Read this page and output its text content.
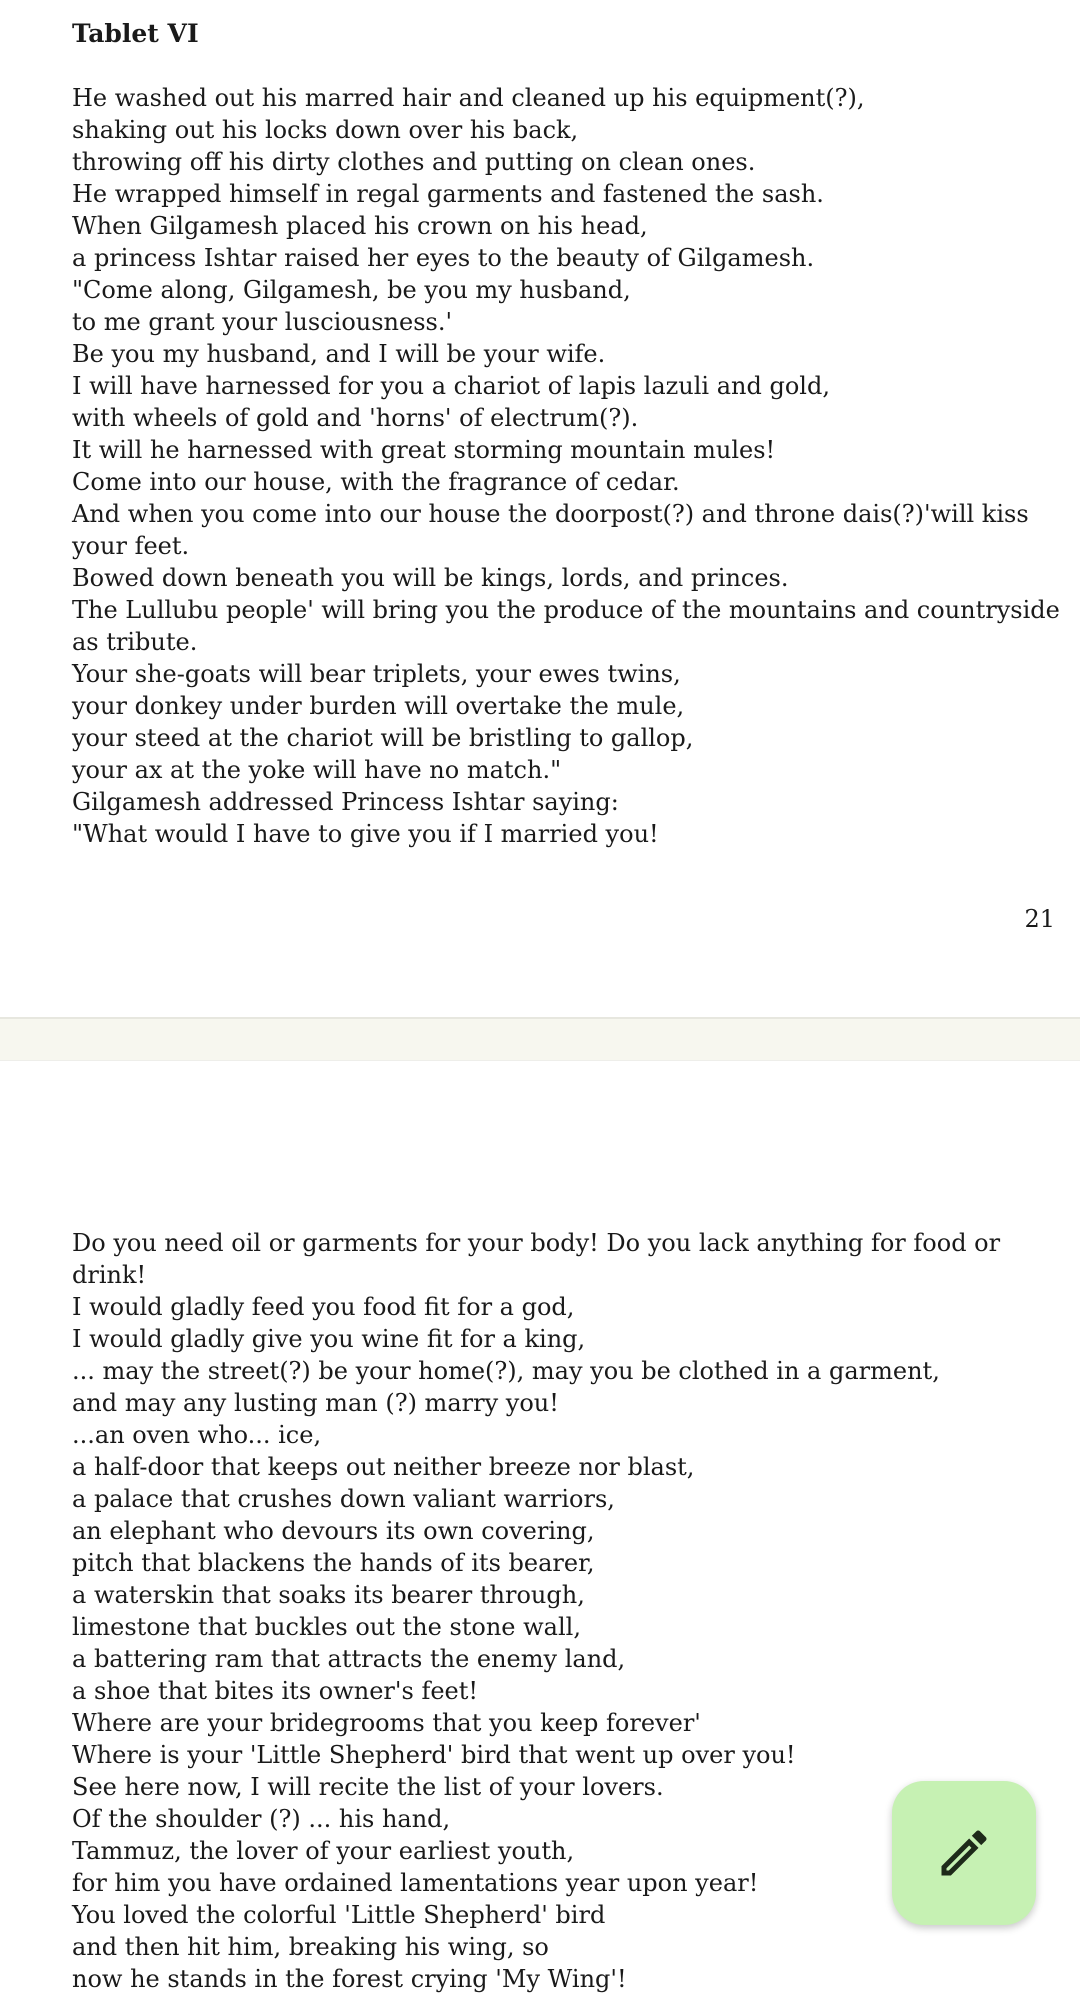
Tablet VI
He washed out his marred hair and cleaned up his equipment(?),
shaking out his locks down over his back,
throwing off his dirty clothes and putting on clean ones.
He wrapped himself in regal garments and fastened the sash.
When Gilgamesh placed his crown on his head,
a princess Ishtar raised her eyes to the beauty of Gilgamesh.
"Come along, Gilgamesh, be you my husband,
to me grant your lusciousness.'
Be you my husband, and I will be your wife.
I will have harnessed for you a chariot of lapis lazuli and gold,
with wheels of gold and 'horns' of electrum(?).
It will he harnessed with great storming mountain mules!
Come into our house, with the fragrance of cedar.
And when you come into our house the doorpost(?) and throne dais(?)'will kiss your feet.
Bowed down beneath you will be kings, lords, and princes.
The Lullubu people' will bring you the produce of the mountains and countryside as tribute.
Your she-goats will bear triplets, your ewes twins,
your donkey under burden will overtake the mule,
your steed at the chariot will be bristling to gallop,
your ax at the yoke will have no match."
Gilgamesh addressed Princess Ishtar saying:
"What would I have to give you if I married you!
21
Do you need oil or garments for your body! Do you lack anything for food or drink!
I would gladly feed you food fit for a god,
I would gladly give you wine fit for a king,
... may the street(?) be your home(?), may you be clothed in a garment,
and may any lusting man (?) marry you!
...an oven who... ice,
a half-door that keeps out neither breeze nor blast,
a palace that crushes down valiant warriors,
an elephant who devours its own covering,
pitch that blackens the hands of its bearer,
a waterskin that soaks its bearer through,
limestone that buckles out the stone wall,
a battering ram that attracts the enemy land,
a shoe that bites its owner's feet!
Where are your bridegrooms that you keep forever'
Where is your 'Little Shepherd' bird that went up over you!
See here now, I will recite the list of your lovers.
Of the shoulder (?) ... his hand,
Tammuz, the lover of your earliest youth,
for him you have ordained lamentations year upon year!
You loved the colorful 'Little Shepherd' bird
and then hit him, breaking his wing, so
now he stands in the forest crying 'My Wing'!
